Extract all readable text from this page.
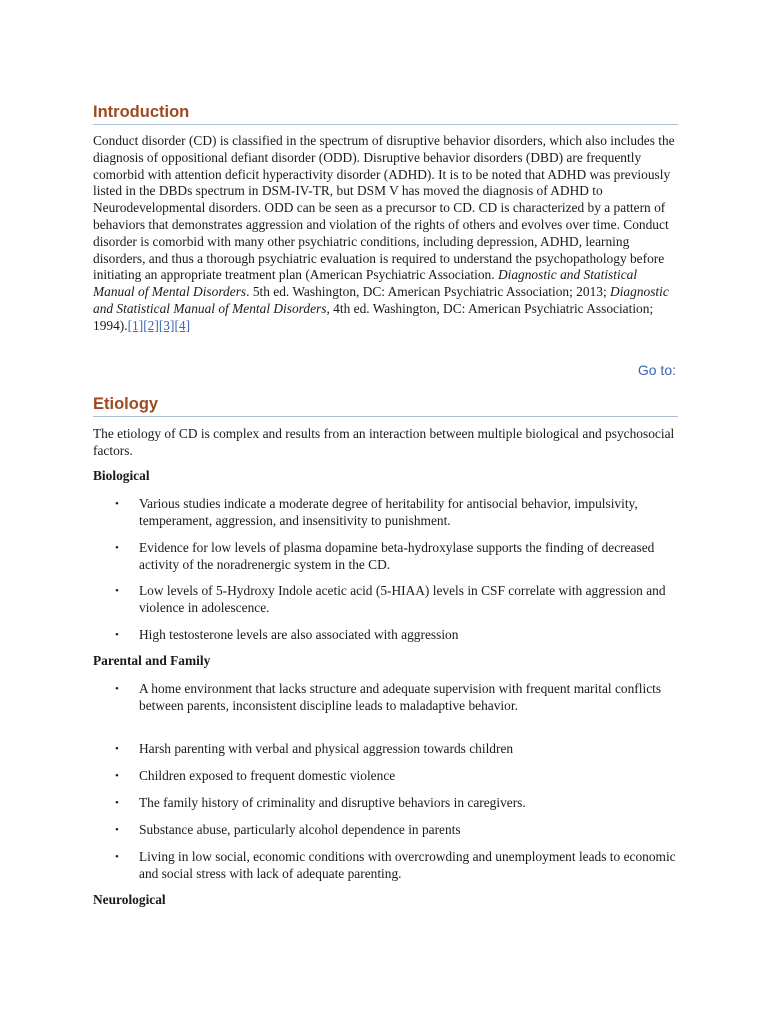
Introduction

Conduct disorder (CD) is classified in the spectrum of disruptive behavior disorders, which also includes the diagnosis of oppositional defiant disorder (ODD). Disruptive behavior disorders (DBD) are frequently comorbid with attention deficit hyperactivity disorder (ADHD). It is to be noted that ADHD was previously listed in the DBDs spectrum in DSM-IV-TR, but DSM V has moved the diagnosis of ADHD to Neurodevelopmental disorders. ODD can be seen as a precursor to CD. CD is characterized by a pattern of behaviors that demonstrates aggression and violation of the rights of others and evolves over time. Conduct disorder is comorbid with many other psychiatric conditions, including depression, ADHD, learning disorders, and thus a thorough psychiatric evaluation is required to understand the psychopathology before initiating an appropriate treatment plan (American Psychiatric Association. Diagnostic and Statistical Manual of Mental Disorders. 5th ed. Washington, DC: American Psychiatric Association; 2013; Diagnostic and Statistical Manual of Mental Disorders, 4th ed. Washington, DC: American Psychiatric Association; 1994).[1][2][3][4]

Go to:
Etiology

The etiology of CD is complex and results from an interaction between multiple biological and psychosocial factors.

Biological
• Various studies indicate a moderate degree of heritability for antisocial behavior, impulsivity, temperament, aggression, and insensitivity to punishment.
• Evidence for low levels of plasma dopamine beta-hydroxylase supports the finding of decreased activity of the noradrenergic system in the CD.
• Low levels of 5-Hydroxy Indole acetic acid (5-HIAA) levels in CSF correlate with aggression and violence in adolescence.
• High testosterone levels are also associated with aggression
Parental and Family
• A home environment that lacks structure and adequate supervision with frequent marital conflicts between parents, inconsistent discipline leads to maladaptive behavior.
• Harsh parenting with verbal and physical aggression towards children
• Children exposed to frequent domestic violence
• The family history of criminality and disruptive behaviors in caregivers.
• Substance abuse, particularly alcohol dependence in parents
• Living in low social, economic conditions with overcrowding and unemployment leads to economic and social stress with lack of adequate parenting.
Neurological
